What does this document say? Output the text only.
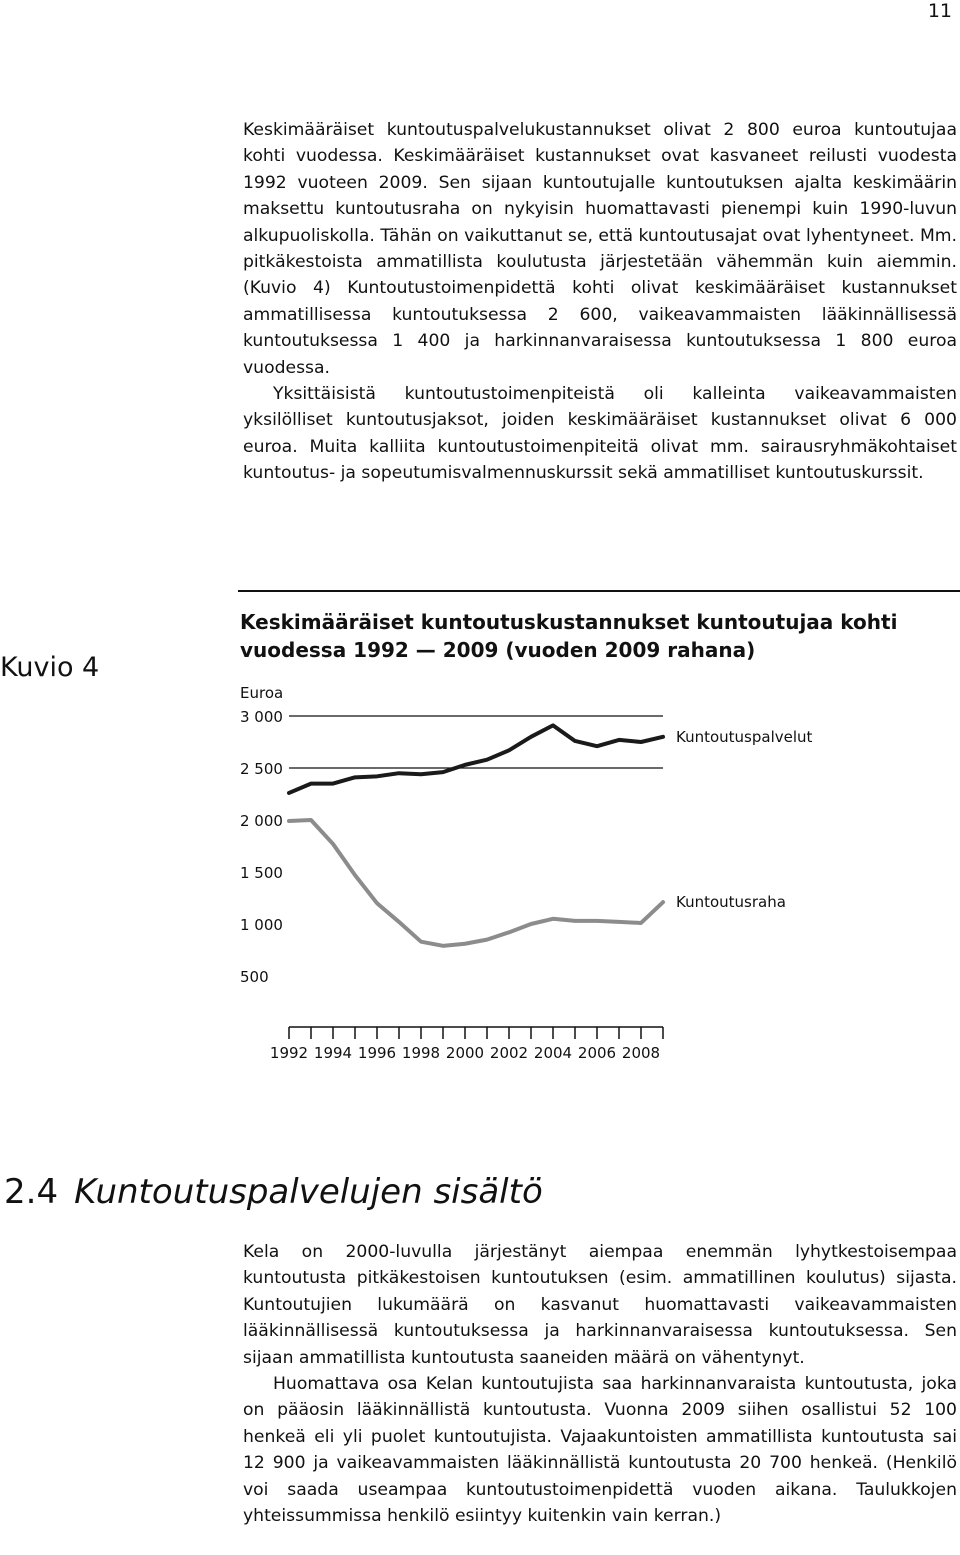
11

Keskimääräiset kuntoutuspalvelukustannukset olivat 2 800 euroa kuntoutujaa kohti vuodessa. Keskimääräiset kustannukset ovat kasvaneet reilusti vuodesta 1992 vuoteen 2009. Sen sijaan kuntoutujalle kuntoutuksen ajalta keskimäärin maksettu kuntoutusraha on nykyisin huomattavasti pienempi kuin 1990-luvun alkupuoliskolla. Tähän on vaikuttanut se, että kuntoutusajat ovat lyhentyneet. Mm. pitkäkestoista ammatillista koulutusta järjestetään vähemmän kuin aiemmin. (Kuvio 4) Kuntoutustoimenpidettä kohti olivat keskimääräiset kustannukset ammatillisessa kuntoutuksessa 2 600, vaikeavammaisten lääkinnällisessä kuntoutuksessa 1 400 ja harkinnanvaraisessa kuntoutuksessa 1 800 euroa vuodessa.

Yksittäisistä kuntoutustoimenpiteistä oli kalleinta vaikeavammaisten yksilölliset kuntoutusjaksot, joiden keskimääräiset kustannukset olivat 6 000 euroa. Muita kalliita kuntoutustoimenpiteitä olivat mm. sairausryhmäkohtaiset kuntoutus- ja sopeutumisvalmennuskurssit sekä ammatilliset kuntoutuskurssit.

Kuvio 4
Keskimääräiset kuntoutuskustannukset kuntoutujaa kohti vuodessa 1992 — 2009 (vuoden 2009 rahana)
Euroa
3 000
2 500
2 000
1 500
1 000
500
1992 1994 1996 1998 2000 2002 2004 2006 2008
Kuntoutuspalvelut
Kuntoutusraha
2.4 Kuntoutuspalvelujen sisältö

Kela on 2000-luvulla järjestänyt aiempaa enemmän lyhytkestoisempaa kuntoutusta pitkäkestoisen kuntoutuksen (esim. ammatillinen koulutus) sijasta. Kuntoutujien lukumäärä on kasvanut huomattavasti vaikeavammaisten lääkinnällisessä kuntoutuksessa ja harkinnanvaraisessa kuntoutuksessa. Sen sijaan ammatillista kuntoutusta saaneiden määrä on vähentynyt.

Huomattava osa Kelan kuntoutujista saa harkinnanvaraista kuntoutusta, joka on pääosin lääkinnällistä kuntoutusta. Vuonna 2009 siihen osallistui 52 100 henkeä eli yli puolet kuntoutujista. Vajaakuntoisten ammatillista kuntoutusta sai 12 900 ja vaikeavammaisten lääkinnällistä kuntoutusta 20 700 henkeä. (Henkilö voi saada useampaa kuntoutustoimenpidettä vuoden aikana. Taulukkojen yhteissummissa henkilö esiintyy kuitenkin vain kerran.)
